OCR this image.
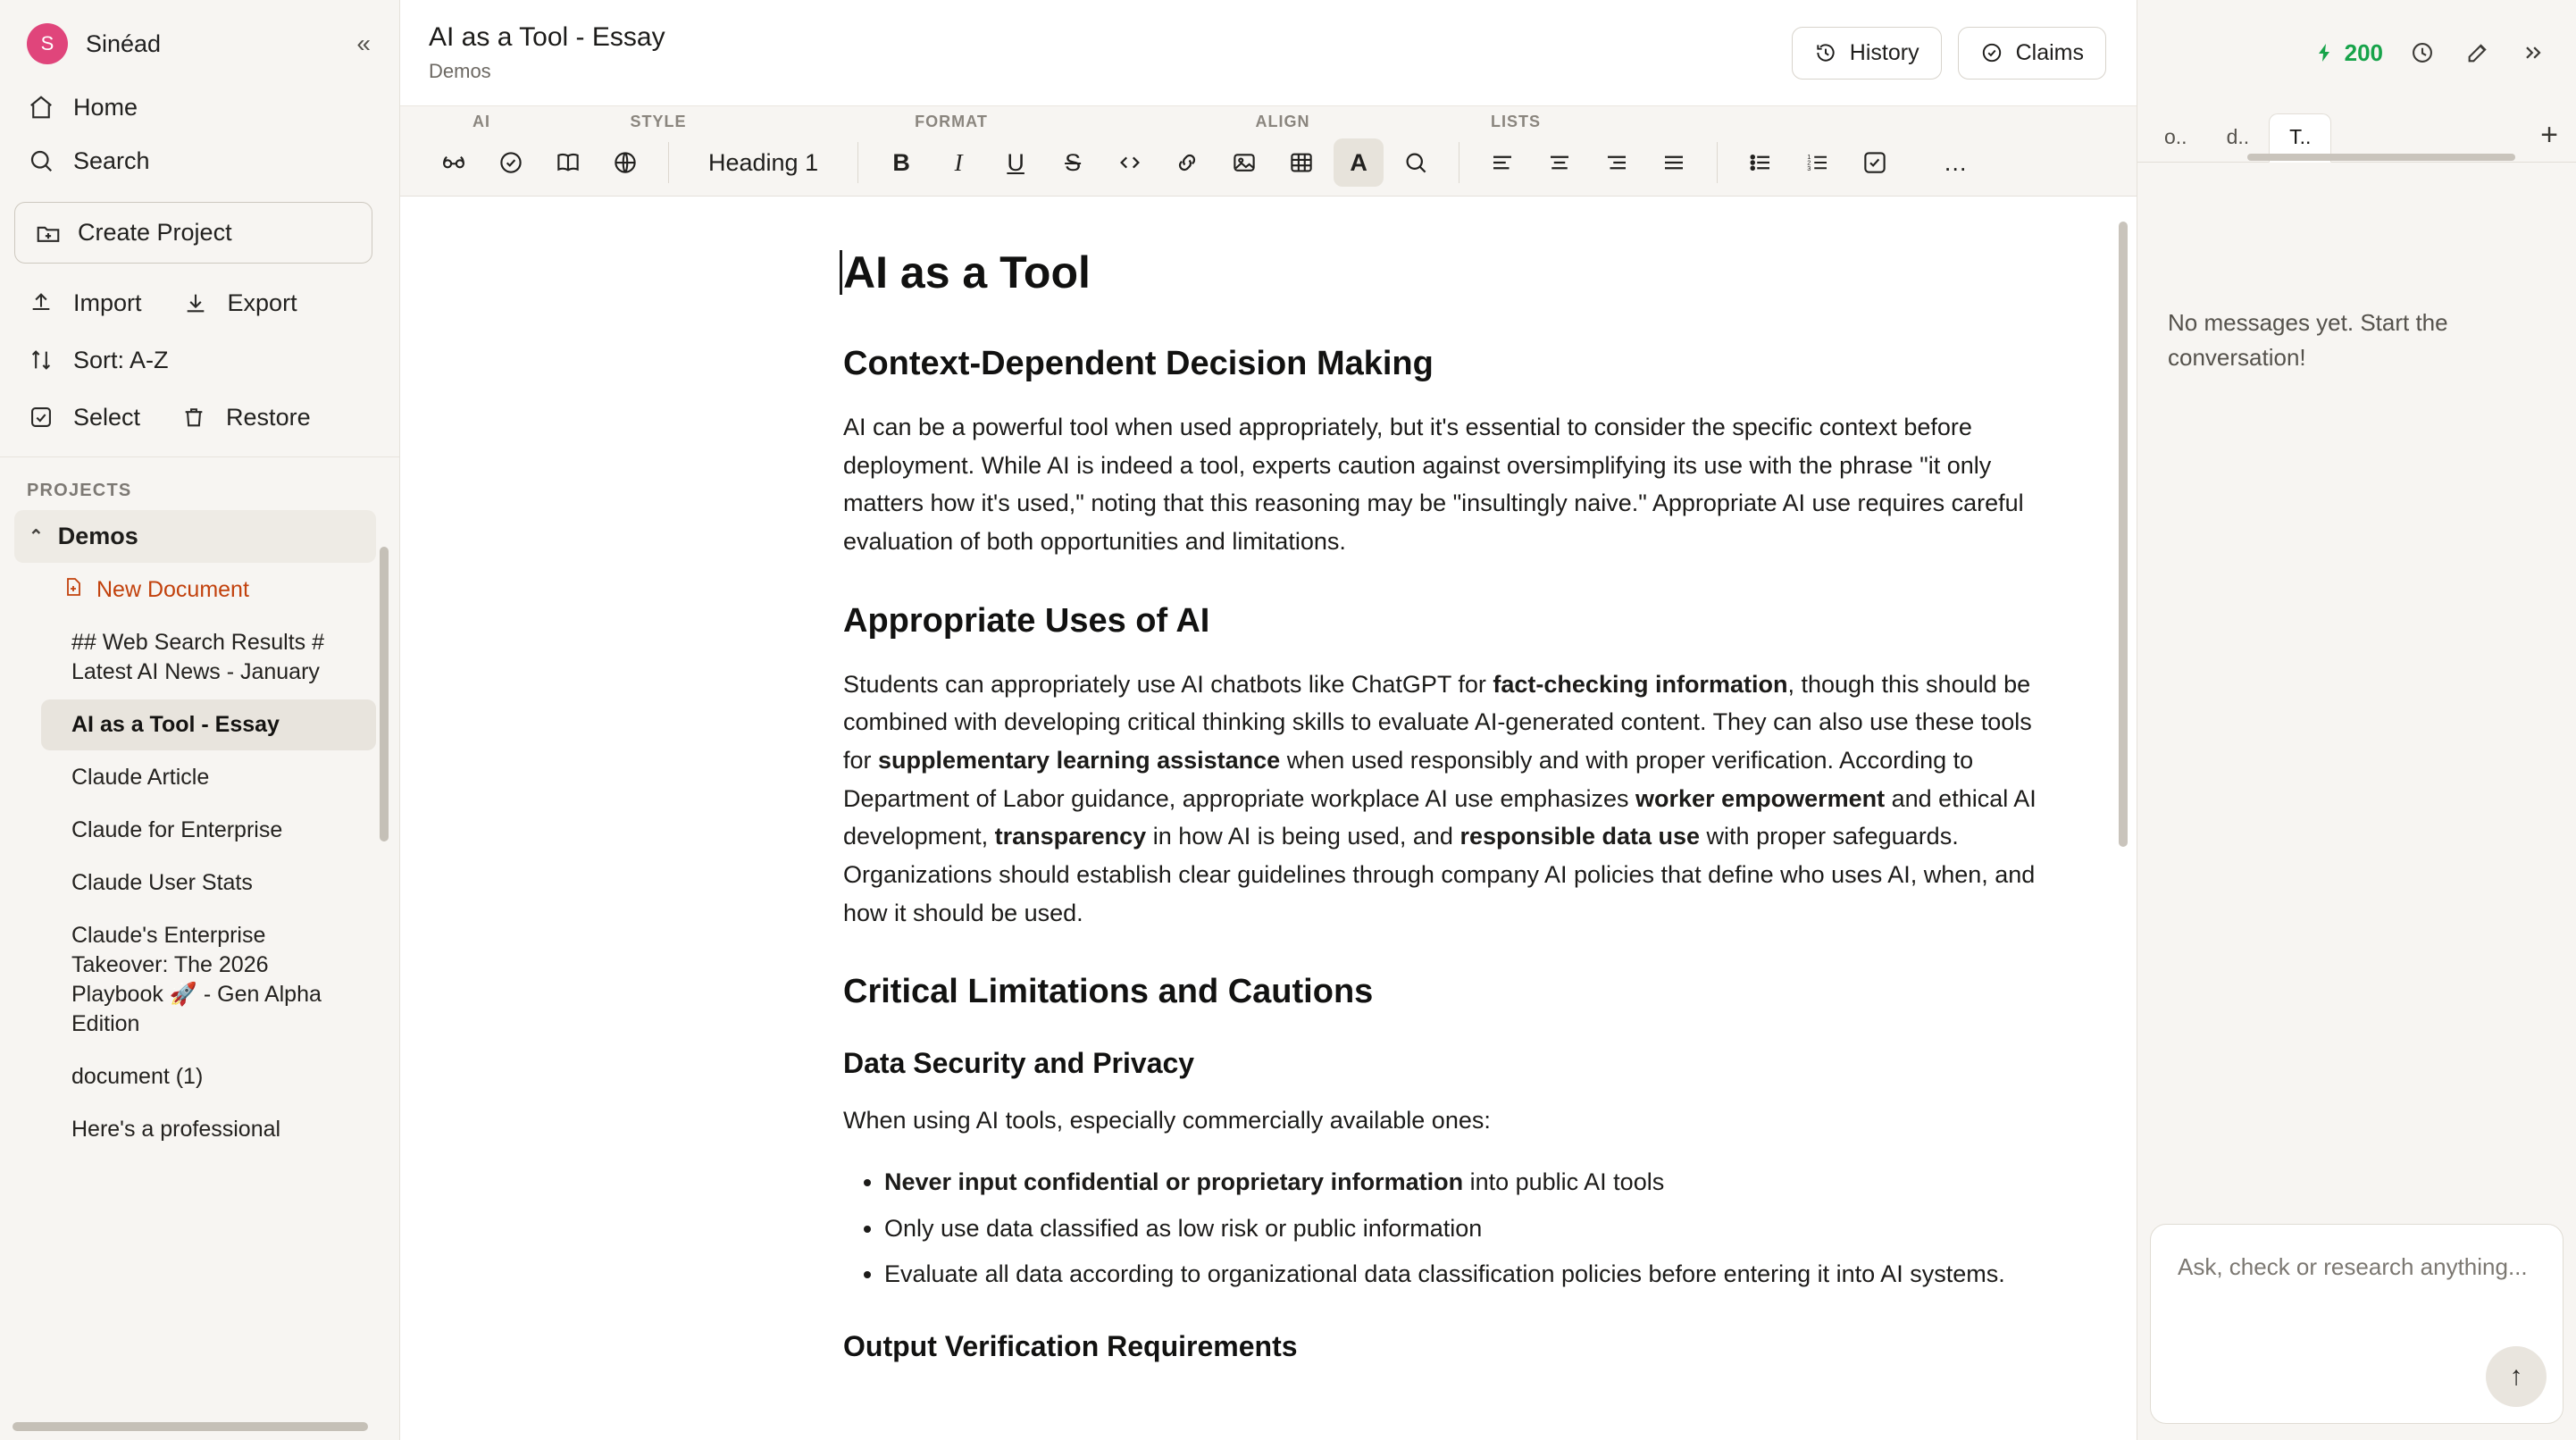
S	Sinéad	«
Home
Search
Create Project
Import	Export
Sort: A-Z
Select	Restore
PROJECTS
⌃ Demos
New Document
## Web Search Results # Latest AI News - January
AI as a Tool - Essay
Claude Article
Claude for Enterprise
Claude User Stats
Claude's Enterprise Takeover: The 2026 Playbook 🚀 - Gen Alpha Edition
document (1)
Here's a professional
AI as a Tool - Essay
Demos
History	Claims
AI	STYLE	FORMAT	ALIGN	LISTS
Heading 1	B I U S	A	1
2
3	…
AI as a Tool
Context-Dependent Decision Making

AI can be a powerful tool when used appropriately, but it's essential to consider the specific context before deployment. While AI is indeed a tool, experts caution against oversimplifying its use with the phrase "it only matters how it's used," noting that this reasoning may be "insultingly naive." Appropriate AI use requires careful evaluation of both opportunities and limitations.

Appropriate Uses of AI

Students can appropriately use AI chatbots like ChatGPT for fact-checking information, though this should be combined with developing critical thinking skills to evaluate AI-generated content. They can also use these tools for supplementary learning assistance when used responsibly and with proper verification. According to Department of Labor guidance, appropriate workplace AI use emphasizes worker empowerment and ethical AI development, transparency in how AI is being used, and responsible data use with proper safeguards. Organizations should establish clear guidelines through company AI policies that define who uses AI, when, and how it should be used.

Critical Limitations and Cautions
Data Security and Privacy

When using AI tools, especially commercially available ones:

• Never input confidential or proprietary information into public AI tools
• Only use data classified as low risk or public information
• Evaluate all data according to organizational data classification policies before entering it into AI systems.
Output Verification Requirements
200
o..	d..	T..	+
No messages yet. Start the conversation!
Ask, check or research anything...
↑
